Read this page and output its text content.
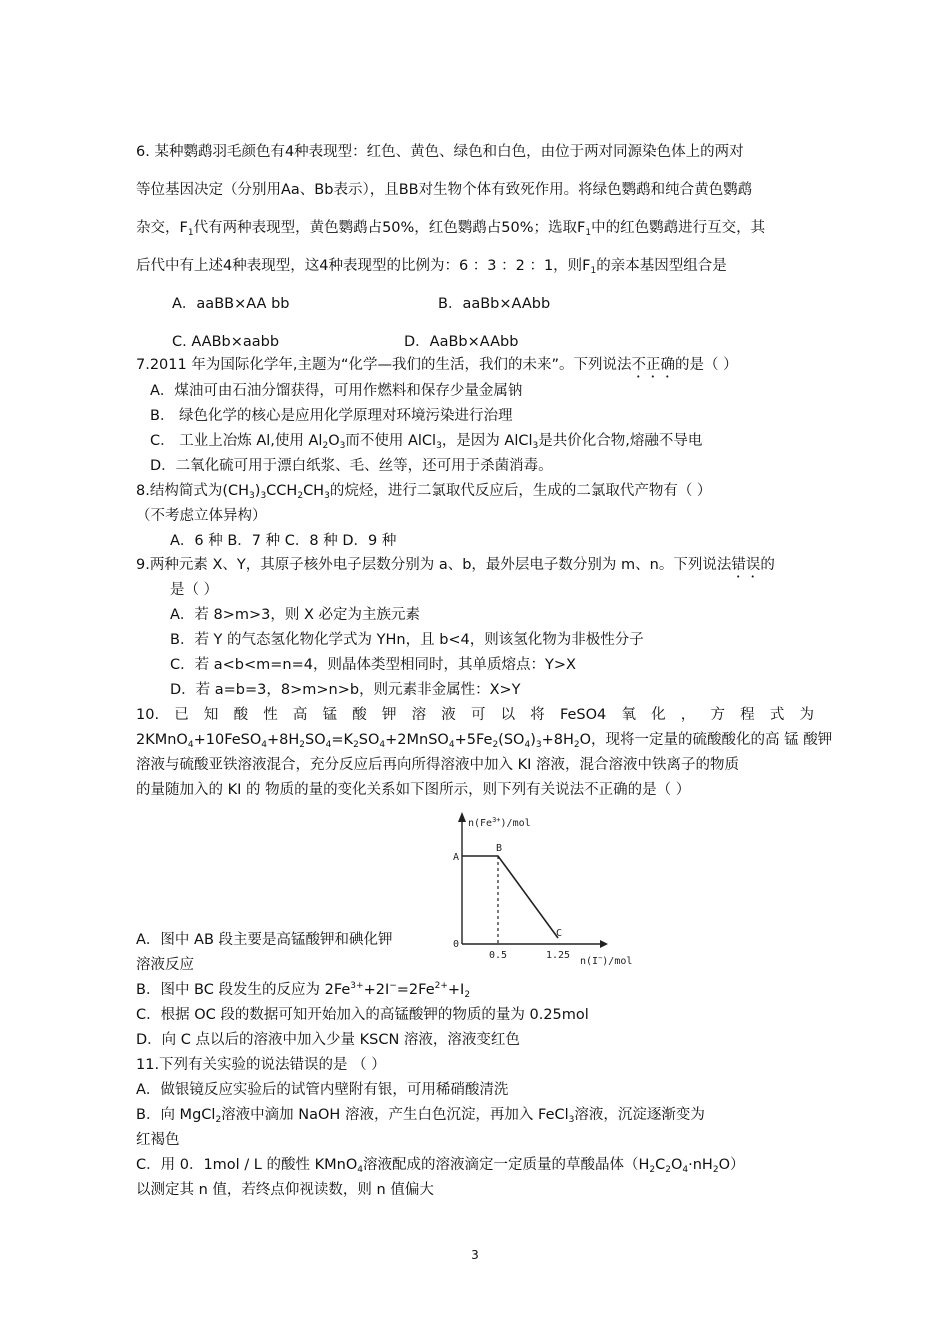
6. 某种鹦鹉羽毛颜色有4种表现型：红色、黄色、绿色和白色，由位于两对同源染色体上的两对
等位基因决定（分别用Aa、Bb表示），且BB对生物个体有致死作用。将绿色鹦鹉和纯合黄色鹦鹉
杂交，$F_1$代有两种表现型，黄色鹦鹉占50%，红色鹦鹉占50%；选取$F_1$中的红色鹦鹉进行互交，其
后代中有上述4种表现型，这4种表现型的比例为：6 ：3 ：2 ：1，则$F_1$的亲本基因型组合是
A．aaBB×AA bb	B．aaBb×AAbb
C. AABb×aabb	D．AaBb×AAbb
7.2011 年为国际化学年,主题为“化学—我们的生活，我们的未来”。下列说法不正确的是（ ）
A．煤油可由石油分馏获得，可用作燃料和保存少量金属钠
B． 绿色化学的核心是应用化学原理对环境污染进行治理
C． 工业上冶炼 Al,使用 $Al_2O_3$而不使用 AlCl$_3$，是因为 AlCl$_3$是共价化合物,熔融不导电
D．二氧化硫可用于漂白纸浆、毛、丝等，还可用于杀菌消毒。
8.结构简式为$(CH_3)_3CCH_2CH_3$的烷烃，进行二氯取代反应后，生成的二氯取代产物有（ ）
（不考虑立体异构）
A．6 种 B．7 种 C．8 种 D．9 种
9.两种元素 X、Y，其原子核外电子层数分别为 a、b，最外层电子数分别为 m、n。下列说法错误的
是（ ）
A．若 8>m>3，则 X 必定为主族元素
B．若 Y 的气态氢化物化学式为 YHn，且 b<4，则该氢化物为非极性分子
C．若 a<b<m=n=4，则晶体类型相同时，其单质熔点：Y>X
D．若 a=b=3，8>m>n>b，则元素非金属性：X>Y
10. 已 知 酸 性 高 锰 酸 钾 溶 液 可 以 将 FeSO4 氧 化 ， 方 程 式 为
$2KMnO_4+10FeSO_4+8H_2SO_4=K_2SO_4+2MnSO_4+5Fe_2(SO_4)_3+8H_2O$，现将一定量的硫酸酸化的高 锰 酸钾
溶液与硫酸亚铁溶液混合，充分反应后再向所得溶液中加入 KI 溶液，混合溶液中铁离子的物质
的量随加入的 KI 的 物质的量的变化关系如下图所示，则下列有关说法不正确的是（ ）
$n(Fe^{3+})$/mol
A
B
C
0
0.5	1.25
n(I−)/mol
A．图中 AB 段主要是高锰酸钾和碘化钾
溶液反应
B．图中 BC 段发生的反应为 $2Fe^{3+}+2I^-=2Fe^{2+}+I_2$
C．根据 OC 段的数据可知开始加入的高锰酸钾的物质的量为 0.25mol
D．向 C 点以后的溶液中加入少量 KSCN 溶液，溶液变红色
11.下列有关实验的说法错误的是 （ ）
A．做银镜反应实验后的试管内壁附有银，可用稀硝酸清洗
B．向 MgCl$_2$溶液中滴加 NaOH 溶液，产生白色沉淀，再加入 FeCl$_3$溶液，沉淀逐渐变为
红褐色
C．用 0．1mol / L 的酸性 KMnO$_4$溶液配成的溶液滴定一定质量的草酸晶体$(H_2C_2O_4\cdot nH_2O)$
以测定其 n 值，若终点仰视读数，则 n 值偏大
3
